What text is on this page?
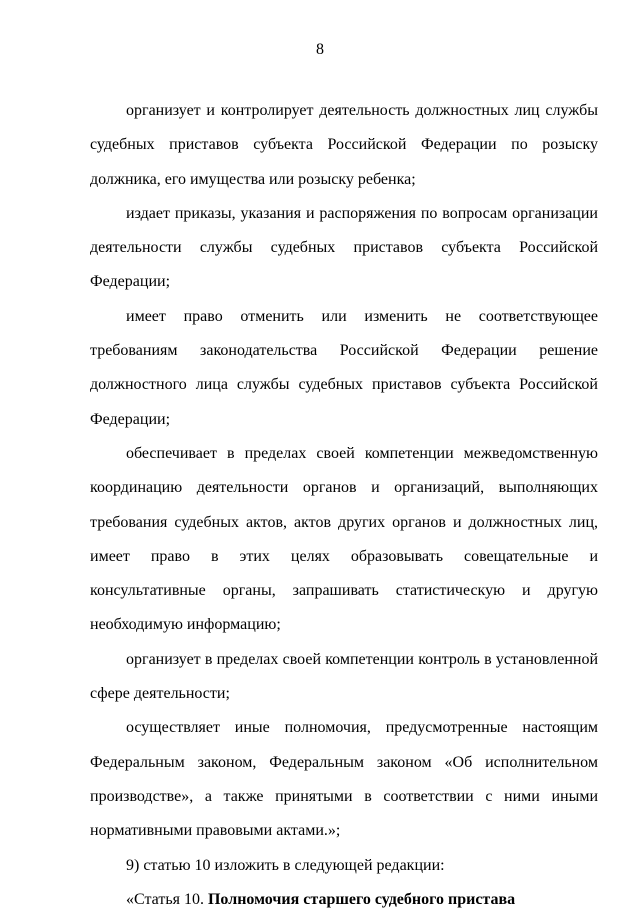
8

организует и контролирует деятельность должностных лиц службы судебных приставов субъекта Российской Федерации по розыску должника, его имущества или розыску ребенка;

издает приказы, указания и распоряжения по вопросам организации деятельности службы судебных приставов субъекта Российской Федерации;

имеет право отменить или изменить не соответствующее требованиям законодательства Российской Федерации решение должностного лица службы судебных приставов субъекта Российской Федерации;

обеспечивает в пределах своей компетенции межведомственную координацию деятельности органов и организаций, выполняющих требования судебных актов, актов других органов и должностных лиц, имеет право в этих целях образовывать совещательные и консультативные органы, запрашивать статистическую и другую необходимую информацию;

организует в пределах своей компетенции контроль в установленной сфере деятельности;

осуществляет иные полномочия, предусмотренные настоящим Федеральным законом, Федеральным законом «Об исполнительном производстве», а также принятыми в соответствии с ними иными нормативными правовыми актами.»;

9) статью 10 изложить в следующей редакции:

«Статья 10. Полномочия старшего судебного пристава
